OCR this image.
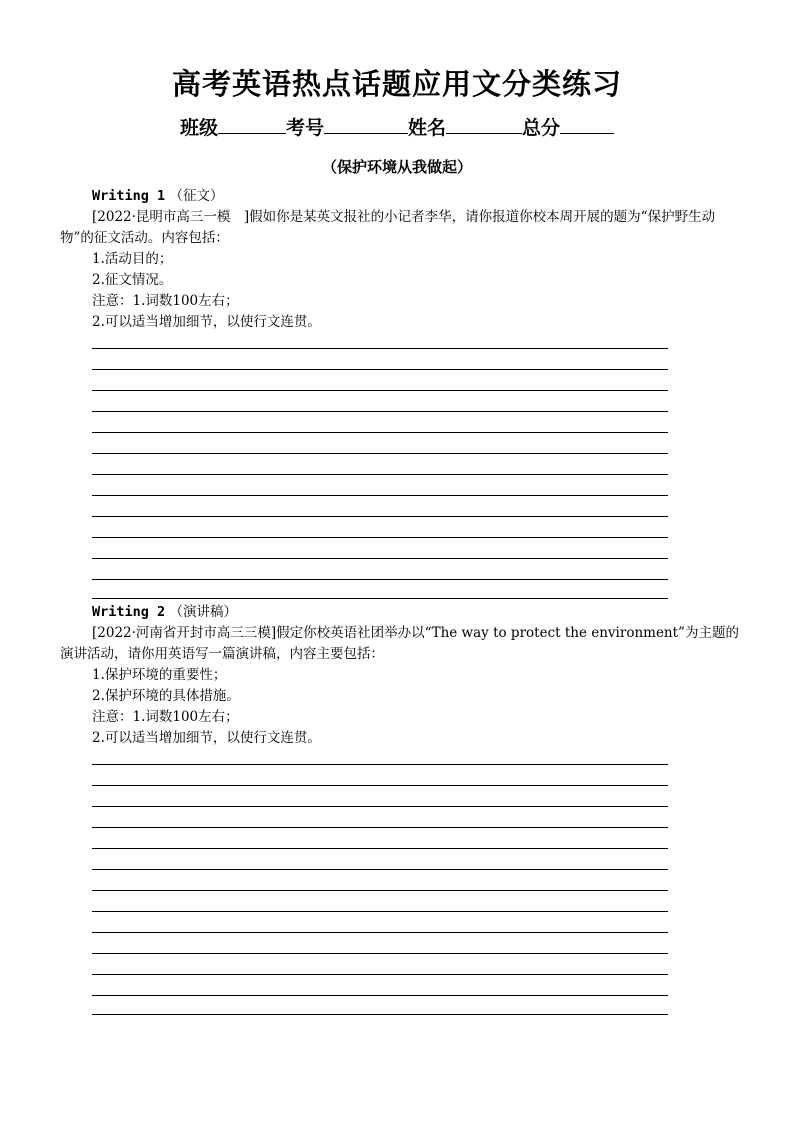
高考英语热点话题应用文分类练习
班级	考号	姓名	总分
（保护环境从我做起）
Writing 1 （征文）
[2022·昆明市高三一模　]假如你是某英文报社的小记者李华，请你报道你校本周开展的题为“保护野生动物”的征文活动。内容包括：
1.活动目的；
2.征文情况。
注意：1.词数100左右；
2.可以适当增加细节，以使行文连贯。
Writing 2 （演讲稿）
[2022·河南省开封市高三三模]假定你校英语社团举办以“The way to protect the environment”为主题的演讲活动，请你用英语写一篇演讲稿，内容主要包括：
1.保护环境的重要性；
2.保护环境的具体措施。
注意：1.词数100左右；
2.可以适当增加细节，以使行文连贯。
